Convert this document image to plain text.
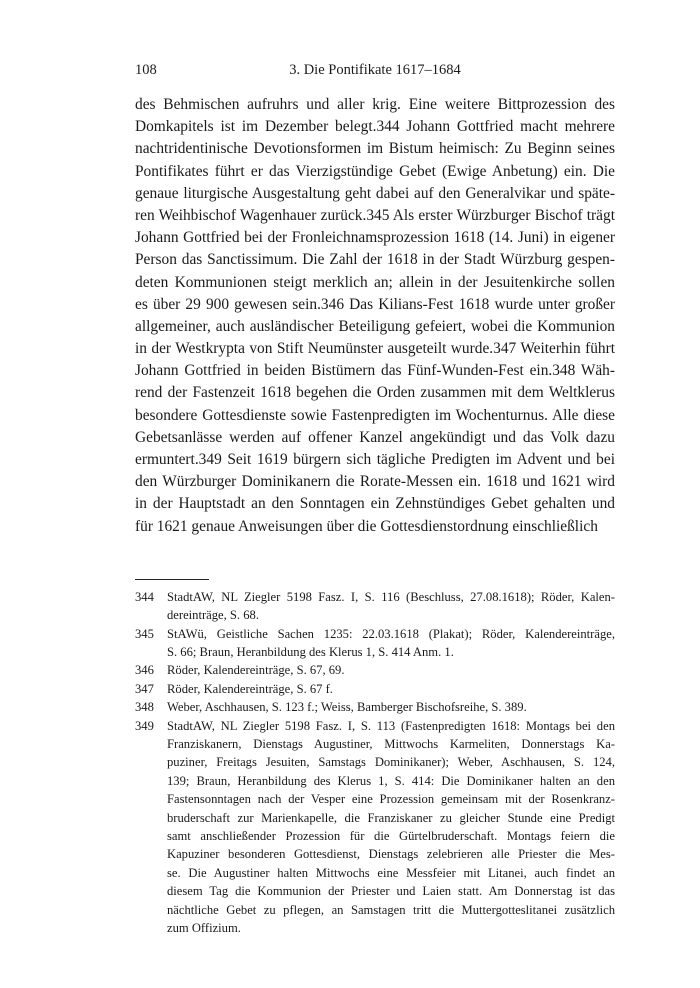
108	3. Die Pontifikate 1617–1684
des Behmischen aufruhrs und aller krig. Eine weitere Bittprozession des
Domkapitels ist im Dezember belegt.344 Johann Gottfried macht mehrere
nachtridentinische Devotionsformen im Bistum heimisch: Zu Beginn seines
Pontifikates führt er das Vierzigstündige Gebet (Ewige Anbetung) ein. Die
genaue liturgische Ausgestaltung geht dabei auf den Generalvikar und späte-
ren Weihbischof Wagenhauer zurück.345 Als erster Würzburger Bischof trägt
Johann Gottfried bei der Fronleichnamsprozession 1618 (14. Juni) in eigener
Person das Sanctissimum. Die Zahl der 1618 in der Stadt Würzburg gespen-
deten Kommunionen steigt merklich an; allein in der Jesuitenkirche sollen
es über 29 900 gewesen sein.346 Das Kilians-Fest 1618 wurde unter großer
allgemeiner, auch ausländischer Beteiligung gefeiert, wobei die Kommunion
in der Westkrypta von Stift Neumünster ausgeteilt wurde.347 Weiterhin führt
Johann Gottfried in beiden Bistümern das Fünf-Wunden-Fest ein.348 Wäh-
rend der Fastenzeit 1618 begehen die Orden zusammen mit dem Weltklerus
besondere Gottesdienste sowie Fastenpredigten im Wochenturnus. Alle diese
Gebetsanlässe werden auf offener Kanzel angekündigt und das Volk dazu
ermuntert.349 Seit 1619 bürgern sich tägliche Predigten im Advent und bei
den Würzburger Dominikanern die Rorate-Messen ein. 1618 und 1621 wird
in der Hauptstadt an den Sonntagen ein Zehnstündiges Gebet gehalten und
für 1621 genaue Anweisungen über die Gottesdienstordnung einschließlich
344	StadtAW, NL Ziegler 5198 Fasz. I, S. 116 (Beschluss, 27.08.1618); Röder, Kalen-
dereinträge, S. 68.
345	StAWü, Geistliche Sachen 1235: 22.03.1618 (Plakat); Röder, Kalendereinträge,
S. 66; Braun, Heranbildung des Klerus 1, S. 414 Anm. 1.
346	Röder, Kalendereinträge, S. 67, 69.
347	Röder, Kalendereinträge, S. 67 f.
348	Weber, Aschhausen, S. 123 f.; Weiss, Bamberger Bischofsreihe, S. 389.
349	StadtAW, NL Ziegler 5198 Fasz. I, S. 113 (Fastenpredigten 1618: Montags bei den
Franziskanern, Dienstags Augustiner, Mittwochs Karmeliten, Donnerstags Ka-
puziner, Freitags Jesuiten, Samstags Dominikaner); Weber, Aschhausen, S. 124,
139; Braun, Heranbildung des Klerus 1, S. 414: Die Dominikaner halten an den
Fastensonntagen nach der Vesper eine Prozession gemeinsam mit der Rosenkranz-
bruderschaft zur Marienkapelle, die Franziskaner zu gleicher Stunde eine Predigt
samt anschließender Prozession für die Gürtelbruderschaft. Montags feiern die
Kapuziner besonderen Gottesdienst, Dienstags zelebrieren alle Priester die Mes-
se. Die Augustiner halten Mittwochs eine Messfeier mit Litanei, auch findet an
diesem Tag die Kommunion der Priester und Laien statt. Am Donnerstag ist das
nächtliche Gebet zu pflegen, an Samstagen tritt die Muttergotteslitanei zusätzlich
zum Offizium.
